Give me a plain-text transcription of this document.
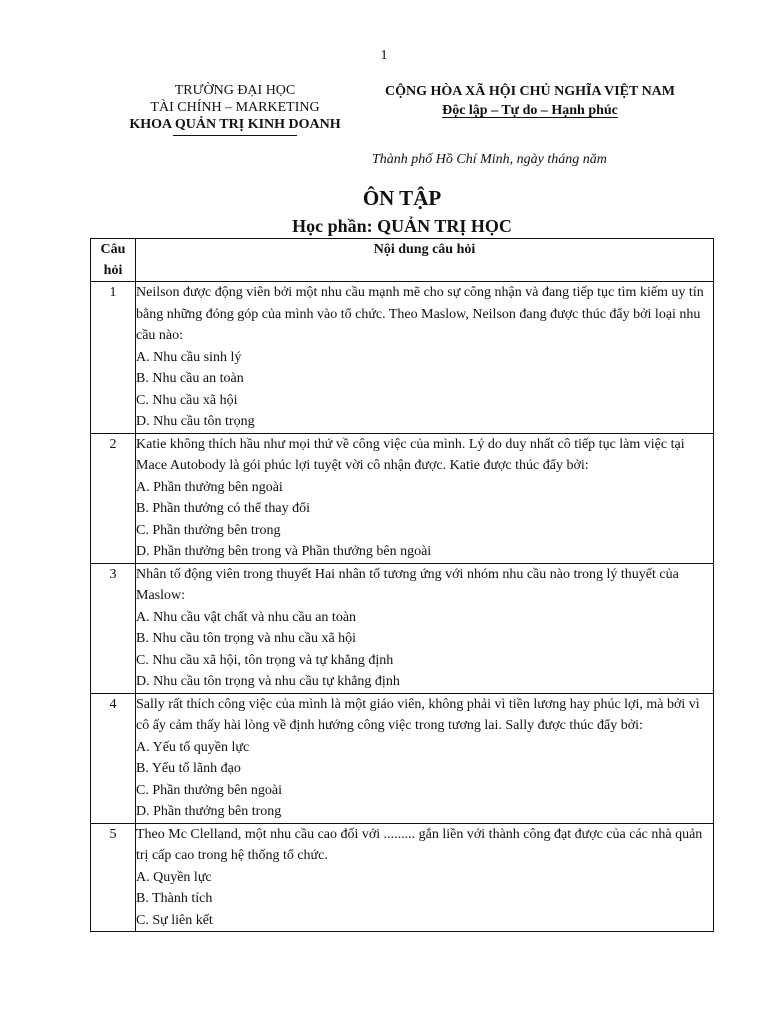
1
TRƯỜNG ĐẠI HỌC
TÀI CHÍNH – MARKETING
KHOA QUẢN TRỊ KINH DOANH
CỘNG HÒA XÃ HỘI CHỦ NGHĨA VIỆT NAM
Độc lập – Tự do – Hạnh phúc
Thành phố Hồ Chí Minh, ngày tháng năm
ÔN TẬP
Học phần: QUẢN TRỊ HỌC
Câu
hỏi	Nội dung câu hỏi
1	Neilson được động viên bởi một nhu cầu mạnh mẽ cho sự công nhận và đang tiếp tục tìm kiếm uy tín bằng những đóng góp của mình vào tổ chức. Theo Maslow, Neilson đang được thúc đẩy bởi loại nhu cầu nào:
A. Nhu cầu sinh lý
B. Nhu cầu an toàn
C. Nhu cầu xã hội
D. Nhu cầu tôn trọng

2	Katie không thích hầu như mọi thứ về công việc của mình. Lý do duy nhất cô tiếp tục làm việc tại Mace Autobody là gói phúc lợi tuyệt vời cô nhận được. Katie được thúc đẩy bởi:
A. Phần thưởng bên ngoài
B. Phần thưởng có thể thay đổi
C. Phần thưởng bên trong
D. Phần thưởng bên trong và Phần thưởng bên ngoài

3	Nhân tố động viên trong thuyết Hai nhân tố tương ứng với nhóm nhu cầu nào trong lý thuyết của Maslow:
A. Nhu cầu vật chất và nhu cầu an toàn
B. Nhu cầu tôn trọng và nhu cầu xã hội
C. Nhu cầu xã hội, tôn trọng và tự khẳng định
D. Nhu cầu tôn trọng và nhu cầu tự khẳng định

4	Sally rất thích công việc của mình là một giáo viên, không phải vì tiền lương hay phúc lợi, mà bởi vì cô ấy cảm thấy hài lòng về định hướng công việc trong tương lai. Sally được thúc đẩy bởi:
A. Yếu tố quyền lực
B. Yếu tố lãnh đạo
C. Phần thưởng bên ngoài
D. Phần thưởng bên trong

5	Theo Mc Clelland, một nhu cầu cao đối với ......... gắn liền với thành công đạt được của các nhà quản trị cấp cao trong hệ thống tổ chức.
A. Quyền lực
B. Thành tích
C. Sự liên kết
